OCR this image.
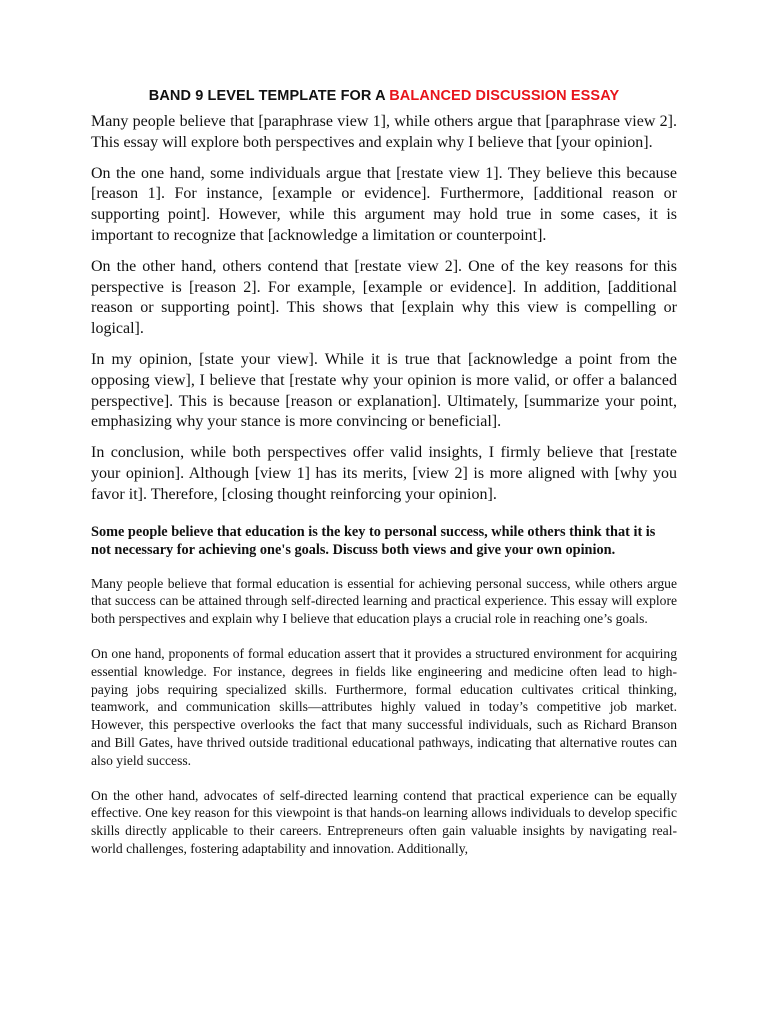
BAND 9 LEVEL TEMPLATE FOR A BALANCED DISCUSSION ESSAY

Many people believe that [paraphrase view 1], while others argue that [paraphrase view 2]. This essay will explore both perspectives and explain why I believe that [your opinion].

On the one hand, some individuals argue that [restate view 1]. They believe this because [reason 1]. For instance, [example or evidence]. Furthermore, [additional reason or supporting point]. However, while this argument may hold true in some cases, it is important to recognize that [acknowledge a limitation or counterpoint].

On the other hand, others contend that [restate view 2]. One of the key reasons for this perspective is [reason 2]. For example, [example or evidence]. In addition, [additional reason or supporting point]. This shows that [explain why this view is compelling or logical].

In my opinion, [state your view]. While it is true that [acknowledge a point from the opposing view], I believe that [restate why your opinion is more valid, or offer a balanced perspective]. This is because [reason or explanation]. Ultimately, [summarize your point, emphasizing why your stance is more convincing or beneficial].

In conclusion, while both perspectives offer valid insights, I firmly believe that [restate your opinion]. Although [view 1] has its merits, [view 2] is more aligned with [why you favor it]. Therefore, [closing thought reinforcing your opinion].

Some people believe that education is the key to personal success, while others think that it is not necessary for achieving one's goals. Discuss both views and give your own opinion.

Many people believe that formal education is essential for achieving personal success, while others argue that success can be attained through self-directed learning and practical experience. This essay will explore both perspectives and explain why I believe that education plays a crucial role in reaching one’s goals.

On one hand, proponents of formal education assert that it provides a structured environment for acquiring essential knowledge. For instance, degrees in fields like engineering and medicine often lead to high-paying jobs requiring specialized skills. Furthermore, formal education cultivates critical thinking, teamwork, and communication skills—attributes highly valued in today’s competitive job market. However, this perspective overlooks the fact that many successful individuals, such as Richard Branson and Bill Gates, have thrived outside traditional educational pathways, indicating that alternative routes can also yield success.

On the other hand, advocates of self-directed learning contend that practical experience can be equally effective. One key reason for this viewpoint is that hands-on learning allows individuals to develop specific skills directly applicable to their careers. Entrepreneurs often gain valuable insights by navigating real-world challenges, fostering adaptability and innovation. Additionally,
